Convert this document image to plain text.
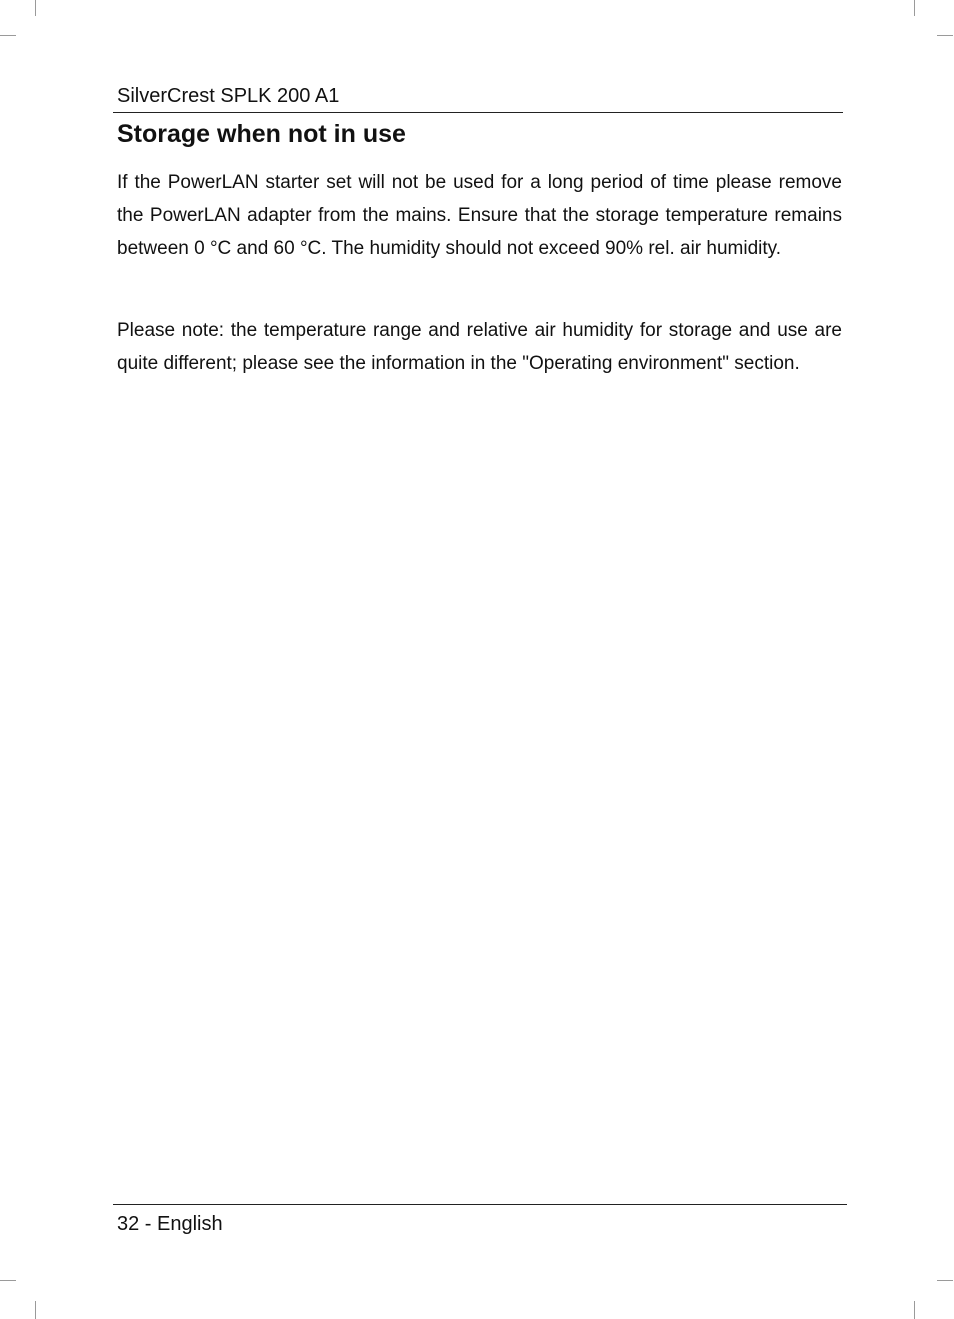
SilverCrest SPLK 200 A1
Storage when not in use

If the PowerLAN starter set will not be used for a long period of time please remove the PowerLAN adapter from the mains. Ensure that the storage temperature remains between 0 °C and 60 °C. The humidity should not exceed 90% rel. air humidity.

Please note: the temperature range and relative air humidity for storage and use are quite different; please see the information in the "Operating environment" section.

32 - English
